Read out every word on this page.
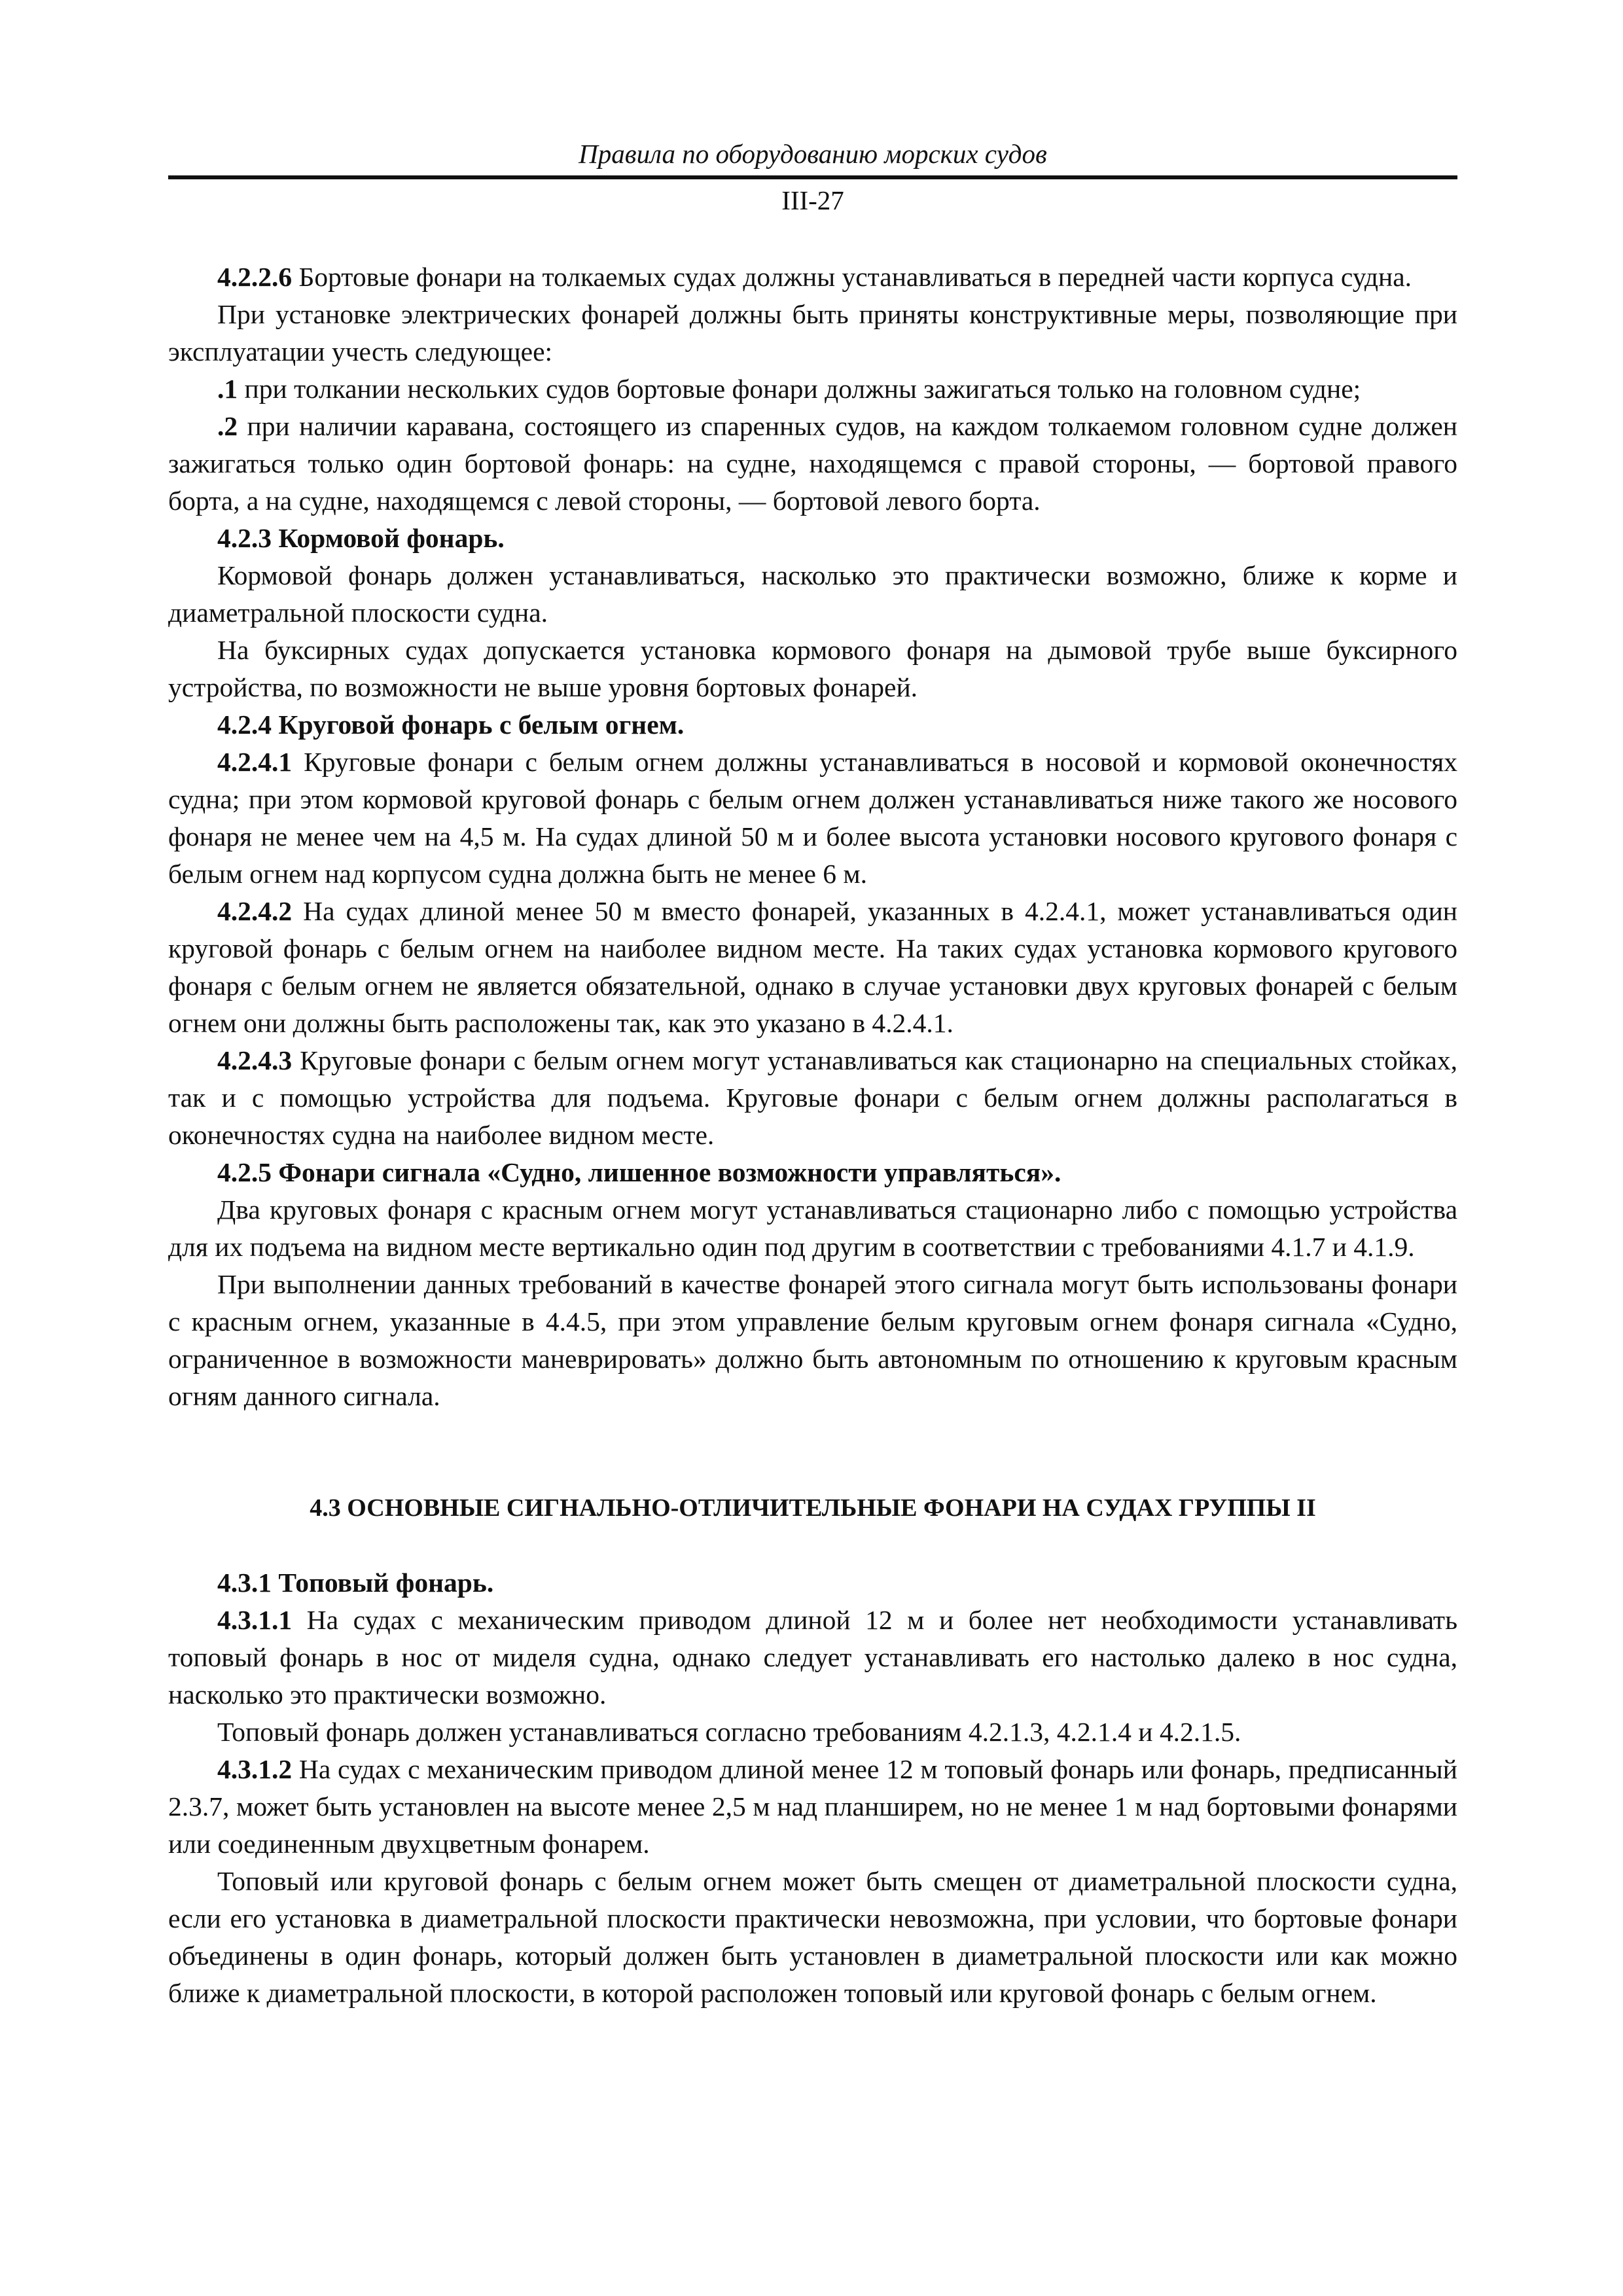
Правила по оборудованию морских судов
III-27

4.2.2.6 Бортовые фонари на толкаемых судах должны устанавливаться в передней части корпуса судна.

При установке электрических фонарей должны быть приняты конструктивные меры, позволяющие при эксплуатации учесть следующее:

.1 при толкании нескольких судов бортовые фонари должны зажигаться только на головном судне;

.2 при наличии каравана, состоящего из спаренных судов, на каждом толкаемом головном судне должен зажигаться только один бортовой фонарь: на судне, находящемся с правой стороны, — бортовой правого борта, а на судне, находящемся с левой стороны, — бортовой левого борта.

4.2.3 Кормовой фонарь.

Кормовой фонарь должен устанавливаться, насколько это практически возможно, ближе к корме и диаметральной плоскости судна.

На буксирных судах допускается установка кормового фонаря на дымовой трубе выше буксирного устройства, по возможности не выше уровня бортовых фонарей.

4.2.4 Круговой фонарь с белым огнем.

4.2.4.1 Круговые фонари с белым огнем должны устанавливаться в носовой и кормовой оконечностях судна; при этом кормовой круговой фонарь с белым огнем должен устанавливаться ниже такого же носового фонаря не менее чем на 4,5 м. На судах длиной 50 м и более высота установки носового кругового фонаря с белым огнем над корпусом судна должна быть не менее 6 м.

4.2.4.2 На судах длиной менее 50 м вместо фонарей, указанных в 4.2.4.1, может устанавливаться один круговой фонарь с белым огнем на наиболее видном месте. На таких судах установка кормового кругового фонаря с белым огнем не является обязательной, однако в случае установки двух круговых фонарей с белым огнем они должны быть расположены так, как это указано в 4.2.4.1.

4.2.4.3 Круговые фонари с белым огнем могут устанавливаться как стационарно на специальных стойках, так и с помощью устройства для подъема. Круговые фонари с белым огнем должны располагаться в оконечностях судна на наиболее видном месте.

4.2.5 Фонари сигнала «Судно, лишенное возможности управляться».

Два круговых фонаря с красным огнем могут устанавливаться стационарно либо с помощью устройства для их подъема на видном месте вертикально один под другим в соответствии с требованиями 4.1.7 и 4.1.9.

При выполнении данных требований в качестве фонарей этого сигнала могут быть использованы фонари с красным огнем, указанные в 4.4.5, при этом управление белым круговым огнем фонаря сигнала «Судно, ограниченное в возможности маневрировать» должно быть автономным по отношению к круговым красным огням данного сигнала.

4.3 ОСНОВНЫЕ СИГНАЛЬНО-ОТЛИЧИТЕЛЬНЫЕ ФОНАРИ НА СУДАХ ГРУППЫ II

4.3.1 Топовый фонарь.

4.3.1.1 На судах с механическим приводом длиной 12 м и более нет необходимости устанавливать топовый фонарь в нос от миделя судна, однако следует устанавливать его настолько далеко в нос судна, насколько это практически возможно.

Топовый фонарь должен устанавливаться согласно требованиям 4.2.1.3, 4.2.1.4 и 4.2.1.5.

4.3.1.2 На судах с механическим приводом длиной менее 12 м топовый фонарь или фонарь, предписанный 2.3.7, может быть установлен на высоте менее 2,5 м над планширем, но не менее 1 м над бортовыми фонарями или соединенным двухцветным фонарем.

Топовый или круговой фонарь с белым огнем может быть смещен от диаметральной плоскости судна, если его установка в диаметральной плоскости практически невозможна, при условии, что бортовые фонари объединены в один фонарь, который должен быть установлен в диаметральной плоскости или как можно ближе к диаметральной плоскости, в которой расположен топовый или круговой фонарь с белым огнем.
